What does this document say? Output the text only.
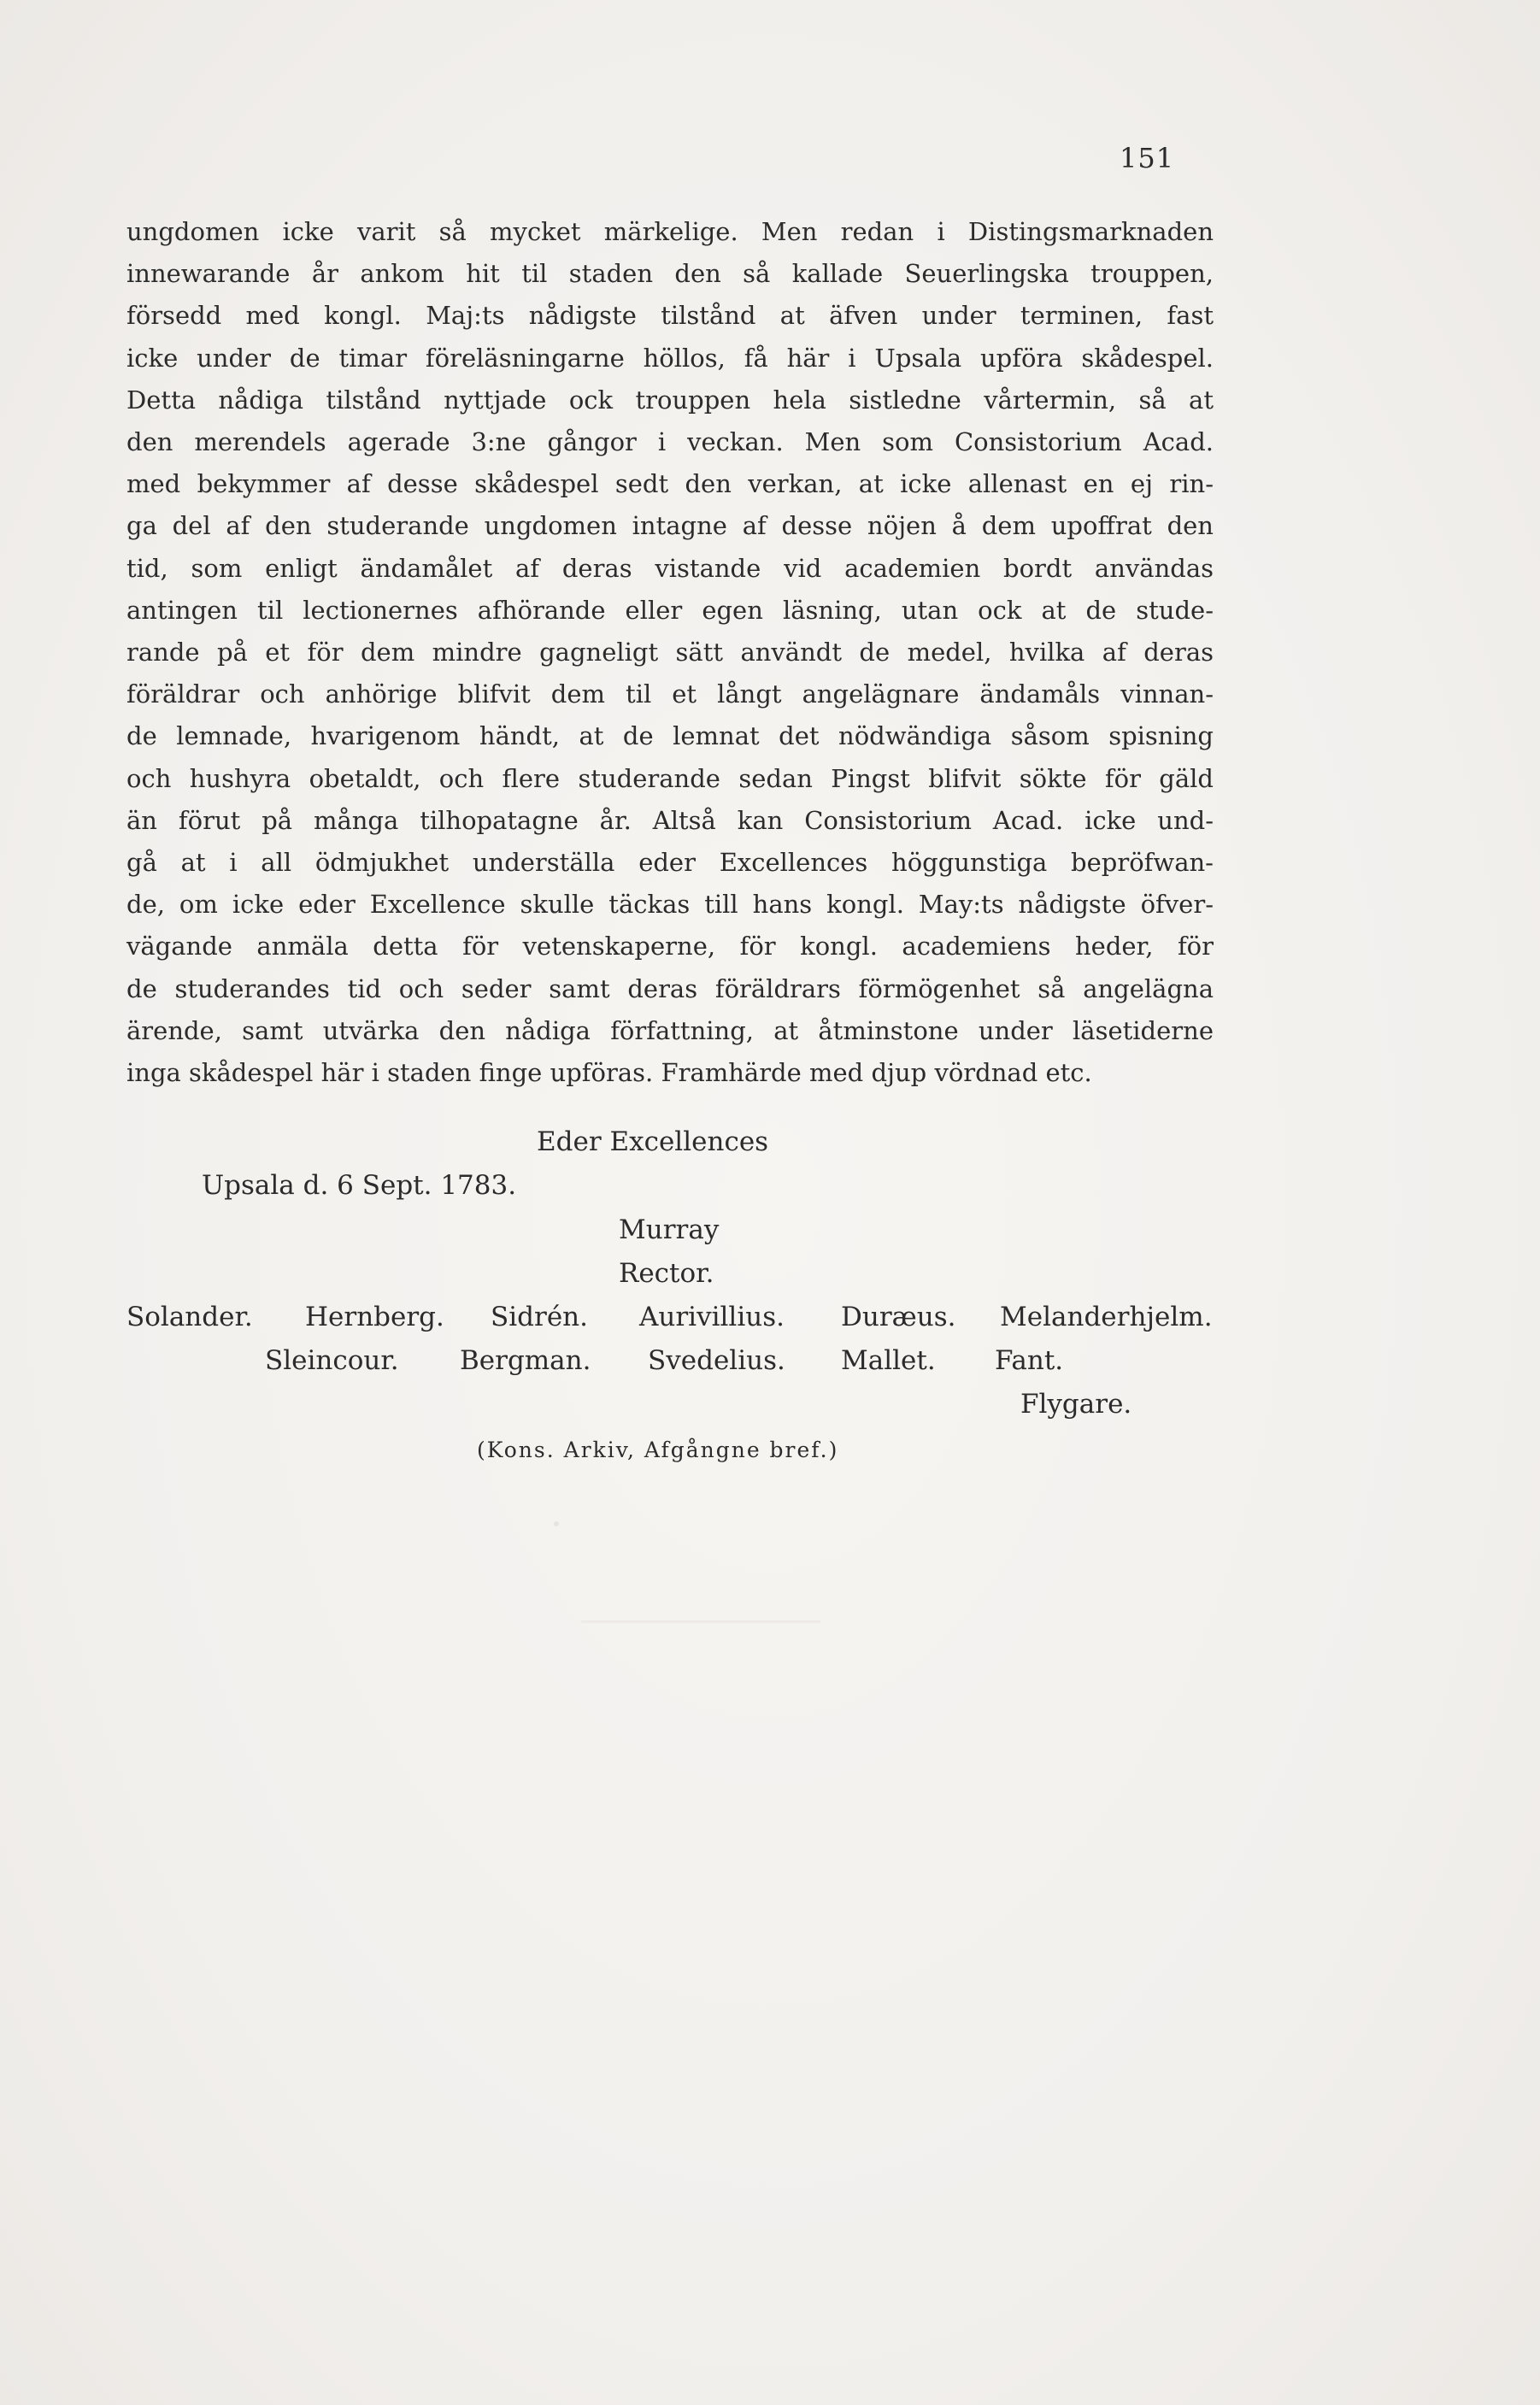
151
ungdomen icke varit så mycket märkelige. Men redan i Distingsmarknaden
innewarande år ankom hit til staden den så kallade Seuerlingska trouppen,
försedd med kongl. Maj:ts nådigste tilstånd at äfven under terminen, fast
icke under de timar föreläsningarne höllos, få här i Upsala upföra skådespel.
Detta nådiga tilstånd nyttjade ock trouppen hela sistledne vårtermin, så at
den merendels agerade 3:ne gångor i veckan. Men som Consistorium Acad.
med bekymmer af desse skådespel sedt den verkan, at icke allenast en ej rin-
ga del af den studerande ungdomen intagne af desse nöjen å dem upoffrat den
tid, som enligt ändamålet af deras vistande vid academien bordt användas
antingen til lectionernes afhörande eller egen läsning, utan ock at de stude-
rande på et för dem mindre gagneligt sätt användt de medel, hvilka af deras
föräldrar och anhörige blifvit dem til et långt angelägnare ändamåls vinnan-
de lemnade, hvarigenom händt, at de lemnat det nödwändiga såsom spisning
och hushyra obetaldt, och flere studerande sedan Pingst blifvit sökte för gäld
än förut på många tilhopatagne år. Altså kan Consistorium Acad. icke und-
gå at i all ödmjukhet underställa eder Excellences höggunstiga bepröfwan-
de, om icke eder Excellence skulle täckas till hans kongl. May:ts nådigste öfver-
vägande anmäla detta för vetenskaperne, för kongl. academiens heder, för
de studerandes tid och seder samt deras föräldrars förmögenhet så angelägna
ärende, samt utvärka den nådiga författning, at åtminstone under läsetiderne
inga skådespel här i staden finge upföras. Framhärde med djup vördnad etc.
Eder Excellences
Upsala d. 6 Sept. 1783.
Murray
Rector.
Solander. Hernberg. Sidrén. Aurivillius. Duræus. Melanderhjelm.
Sleincour. Bergman. Svedelius. Mallet. Fant.
Flygare.
(Kons. Arkiv, Afgångne bref.)
